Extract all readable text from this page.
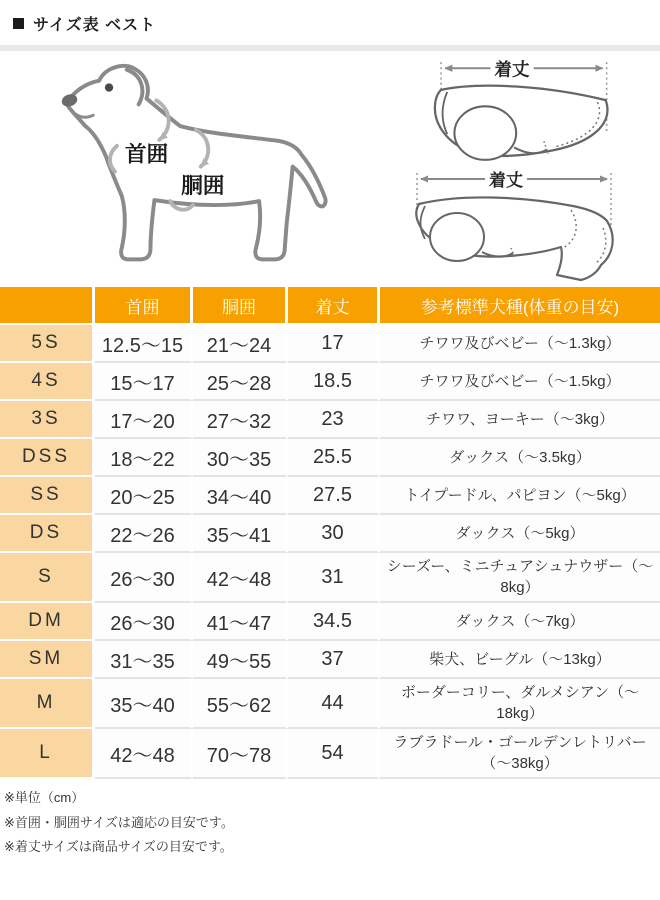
サイズ表 ベスト
首囲
胴囲
着丈
着丈
	首囲	胴囲	着丈	参考標準犬種(体重の目安)
5S	12.5〜15	21〜24	17	チワワ及びベビー（〜1.3kg）
4S	15〜17	25〜28	18.5	チワワ及びベビー（〜1.5kg）
3S	17〜20	27〜32	23	チワワ、ヨーキー（〜3kg）
DSS	18〜22	30〜35	25.5	ダックス（〜3.5kg）
SS	20〜25	34〜40	27.5	トイプードル、パピヨン（〜5kg）
DS	22〜26	35〜41	30	ダックス（〜5kg）
S	26〜30	42〜48	31	シーズー、ミニチュアシュナウザー（〜8kg）
DM	26〜30	41〜47	34.5	ダックス（〜7kg）
SM	31〜35	49〜55	37	柴犬、ビーグル（〜13kg）
M	35〜40	55〜62	44	ボーダーコリー、ダルメシアン（〜18kg）
L	42〜48	70〜78	54	ラブラドール・ゴールデンレトリバー（〜38kg）
※単位（cm）
※首囲・胴囲サイズは適応の目安です。
※着丈サイズは商品サイズの目安です。
